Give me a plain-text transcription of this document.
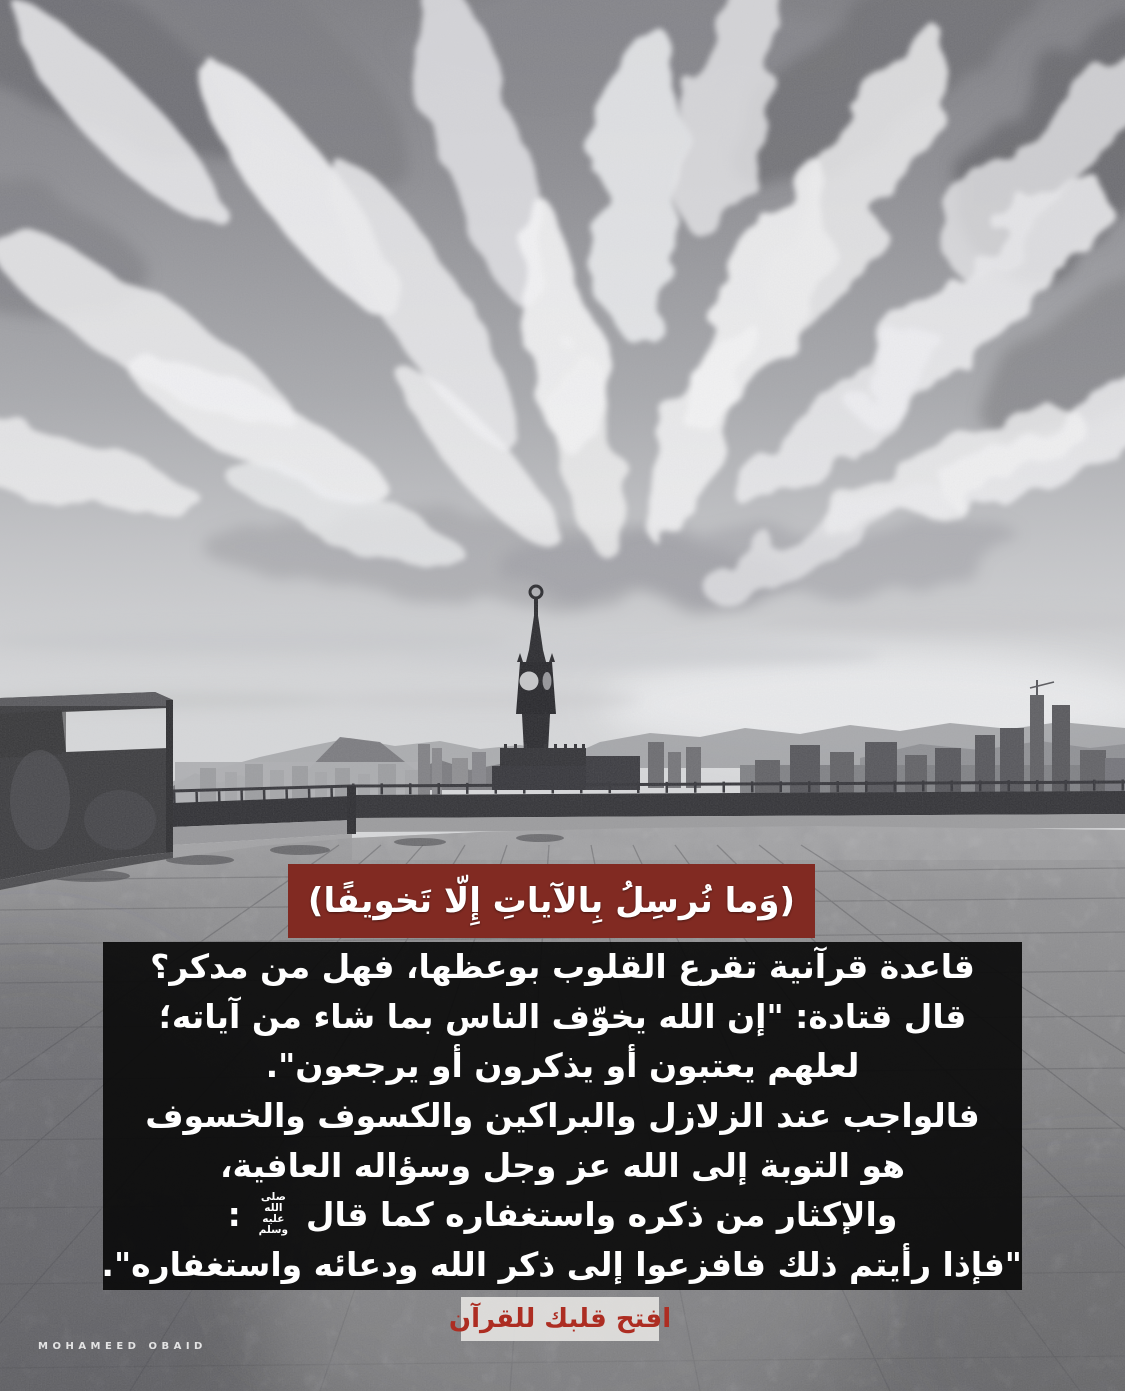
(وَما نُرسِلُ بِالآياتِ إِلّا تَخويفًا)
قاعدة قرآنية تقرع القلوب بوعظها، فهل من مدكر؟
قال قتادة: "إن الله يخوّف الناس بما شاء من آياته؛
لعلهم يعتبون أو يذكرون أو يرجعون".
فالواجب عند الزلازل والبراكين والكسوف والخسوف
هو التوبة إلى الله عز وجل وسؤاله العافية،
والإكثار من ذكره واستغفاره كما قال صلى الله عليه وسلم :
"فإذا رأيتم ذلك فافزعوا إلى ذكر الله ودعائه واستغفاره".
افتح قلبك للقرآن
MOHAMEED OBAID
